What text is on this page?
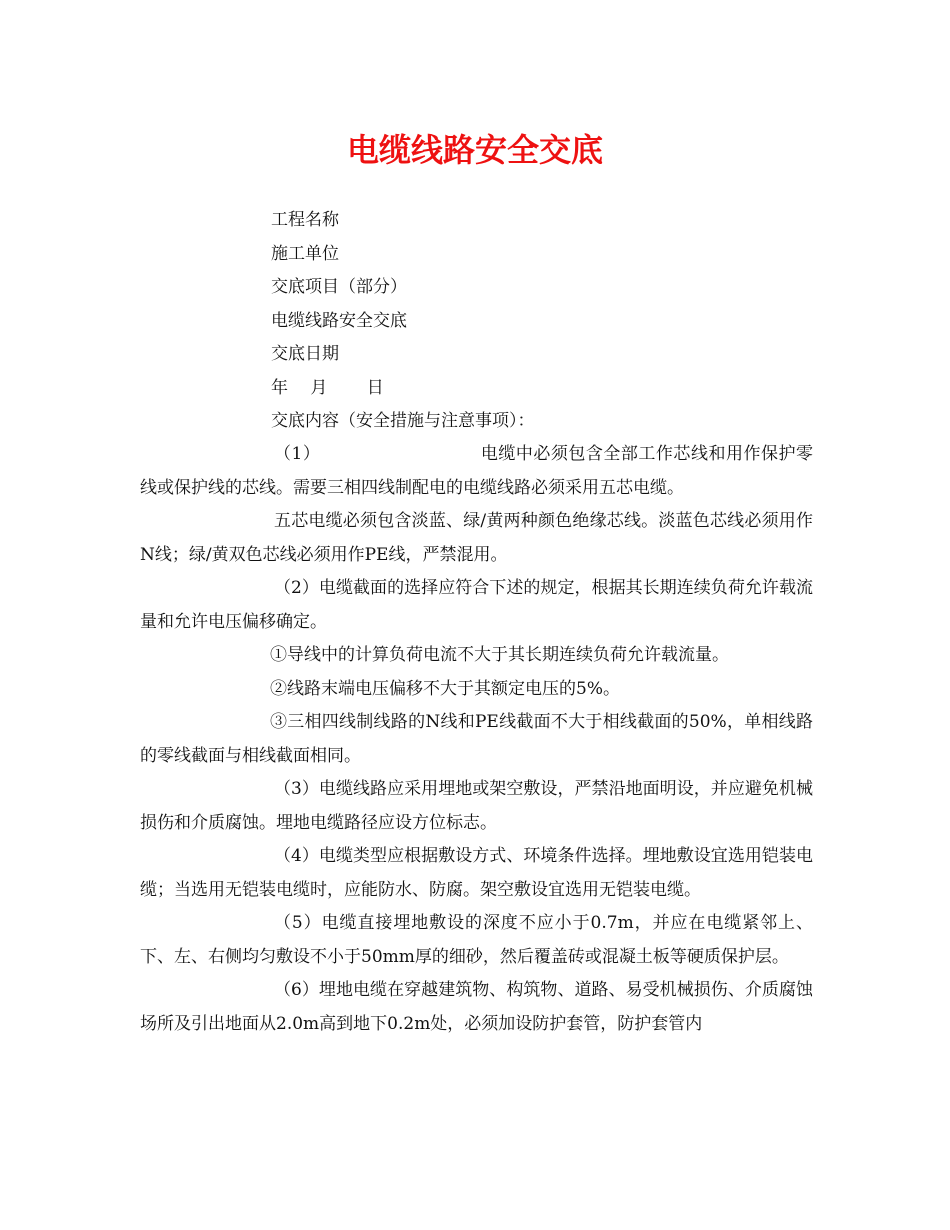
电缆线路安全交底
工程名称
施工单位
交底项目（部分）
电缆线路安全交底
交底日期
年　 月　　 日
交底内容（安全措施与注意事项）：

（1）	电缆中必须包含全部工作芯线和用作保护零线或保护线的芯线。需要三相四线制配电的电缆线路必须采用五芯电缆。

五芯电缆必须包含淡蓝、绿/黄两种颜色绝缘芯线。淡蓝色芯线必须用作N线；绿/黄双色芯线必须用作PE线，严禁混用。

（2）电缆截面的选择应符合下述的规定，根据其长期连续负荷允许载流量和允许电压偏移确定。

①导线中的计算负荷电流不大于其长期连续负荷允许载流量。

②线路末端电压偏移不大于其额定电压的5%。

③三相四线制线路的N线和PE线截面不大于相线截面的50%，单相线路的零线截面与相线截面相同。

（3）电缆线路应采用埋地或架空敷设，严禁沿地面明设，并应避免机械损伤和介质腐蚀。埋地电缆路径应设方位标志。

（4）电缆类型应根据敷设方式、环境条件选择。埋地敷设宜选用铠装电缆；当选用无铠装电缆时，应能防水、防腐。架空敷设宜选用无铠装电缆。

（5）电缆直接埋地敷设的深度不应小于0.7m，并应在电缆紧邻上、下、左、右侧均匀敷设不小于50mm厚的细砂，然后覆盖砖或混凝土板等硬质保护层。

（6）埋地电缆在穿越建筑物、构筑物、道路、易受机械损伤、介质腐蚀场所及引出地面从2.0m高到地下0.2m处，必须加设防护套管，防护套管内
